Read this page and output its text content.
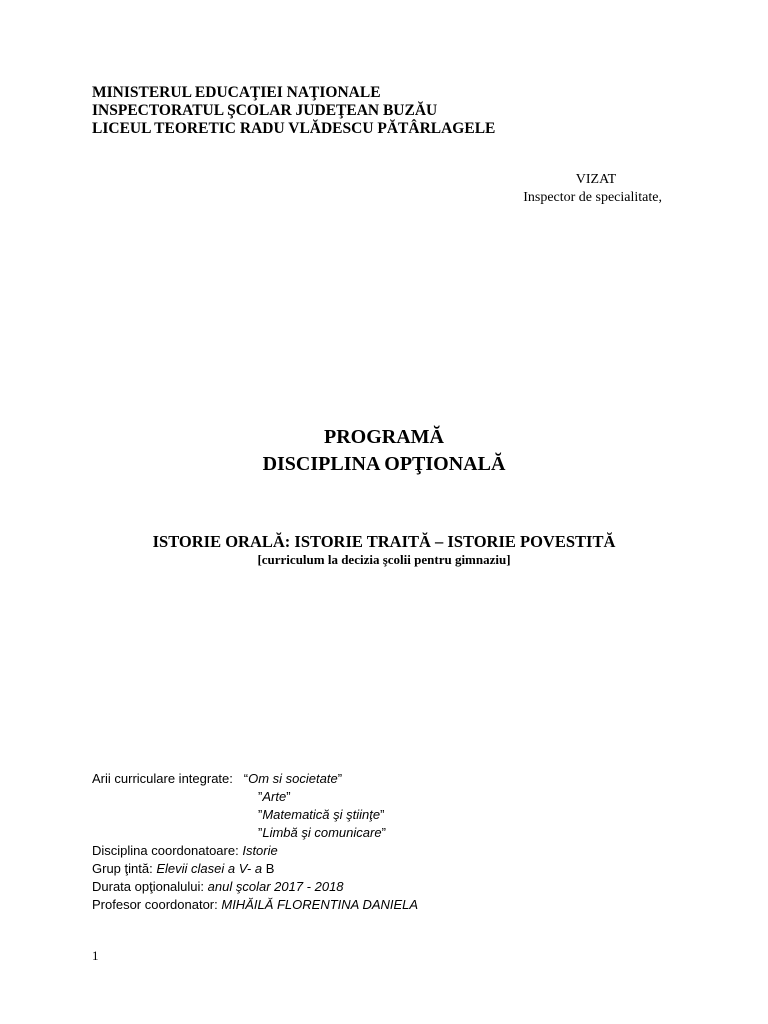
MINISTERUL EDUCAŢIEI NAŢIONALE
INSPECTORATUL ŞCOLAR JUDEŢEAN BUZĂU
LICEUL TEORETIC RADU VLĂDESCU PĂTÂRLAGELE
VIZAT
Inspector de specialitate,
PROGRAMĂ
DISCIPLINA OPŢIONALĂ
ISTORIE ORALĂ: ISTORIE TRAITĂ – ISTORIE POVESTITĂ
[curriculum la decizia şcolii pentru gimnaziu]
Arii curriculare integrate: “Om si societate”
”Arte”
”Matematică şi ştiinţe”
”Limbă şi comunicare”
Disciplina coordonatoare: Istorie
Grup ţintă: Elevii clasei a V- a B
Durata opţionalului: anul şcolar 2017 - 2018
Profesor coordonator: MIHĂILĂ FLORENTINA DANIELA
1
